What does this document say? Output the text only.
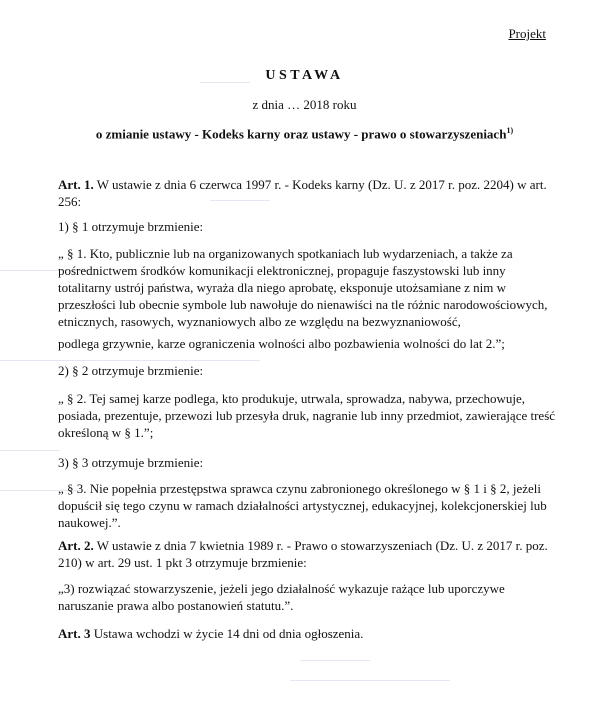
Projekt
USTAWA
z dnia … 2018 roku
o zmianie ustawy - Kodeks karny oraz ustawy - prawo o stowarzyszeniach$^{1)}$
Art. 1. W ustawie z dnia 6 czerwca 1997 r. - Kodeks karny (Dz. U. z 2017 r. poz. 2204) w art. 256:
1) § 1 otrzymuje brzmienie:
„ § 1. Kto, publicznie lub na organizowanych spotkaniach lub wydarzeniach, a także za pośrednictwem środków komunikacji elektronicznej, propaguje faszystowski lub inny totalitarny ustrój państwa, wyraża dla niego aprobatę, eksponuje utożsamiane z nim w przeszłości lub obecnie symbole lub nawołuje do nienawiści na tle różnic narodowościowych, etnicznych, rasowych, wyznaniowych albo ze względu na bezwyznaniowość,
podlega grzywnie, karze ograniczenia wolności albo pozbawienia wolności do lat 2.”;
2) § 2 otrzymuje brzmienie:
„ § 2. Tej samej karze podlega, kto produkuje, utrwala, sprowadza, nabywa, przechowuje, posiada, prezentuje, przewozi lub przesyła druk, nagranie lub inny przedmiot, zawierające treść określoną w § 1.”;
3) § 3 otrzymuje brzmienie:
„ § 3. Nie popełnia przestępstwa sprawca czynu zabronionego określonego w § 1 i § 2, jeżeli dopuścił się tego czynu w ramach działalności artystycznej, edukacyjnej, kolekcjonerskiej lub naukowej.”.
Art. 2. W ustawie z dnia 7 kwietnia 1989 r. - Prawo o stowarzyszeniach (Dz. U. z 2017 r. poz. 210) w art. 29 ust. 1 pkt 3 otrzymuje brzmienie:
„3) rozwiązać stowarzyszenie, jeżeli jego działalność wykazuje rażące lub uporczywe naruszanie prawa albo postanowień statutu.”.
Art. 3 Ustawa wchodzi w życie 14 dni od dnia ogłoszenia.
